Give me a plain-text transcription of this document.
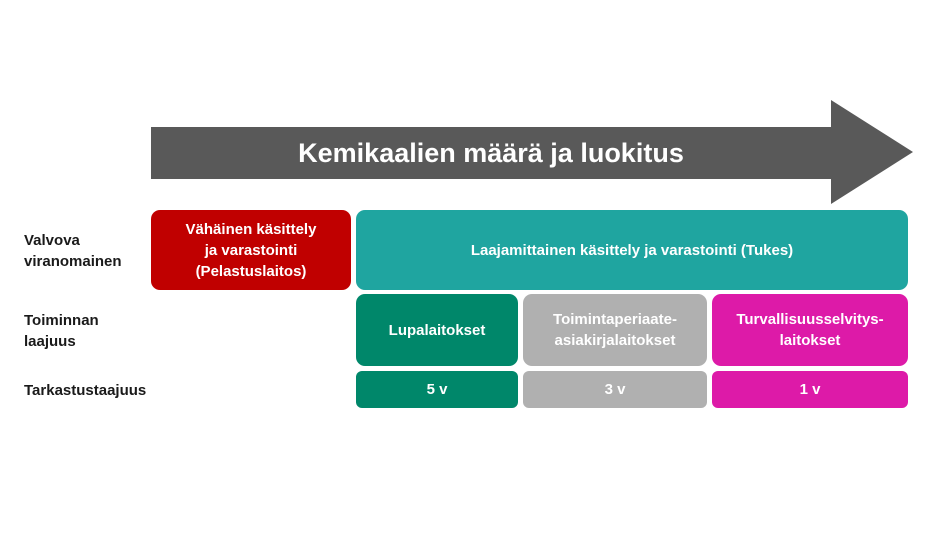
Kemikaalien määrä ja luokitus
Valvova
viranomainen
Toiminnan
laajuus
Tarkastustaajuus
Vähäinen käsittely
ja varastointi
(Pelastuslaitos)
Laajamittainen käsittely ja varastointi (Tukes)
Lupalaitokset
Toimintaperiaate-
asiakirjalaitokset
Turvallisuusselvitys-
laitokset
5 v	3 v	1 v
